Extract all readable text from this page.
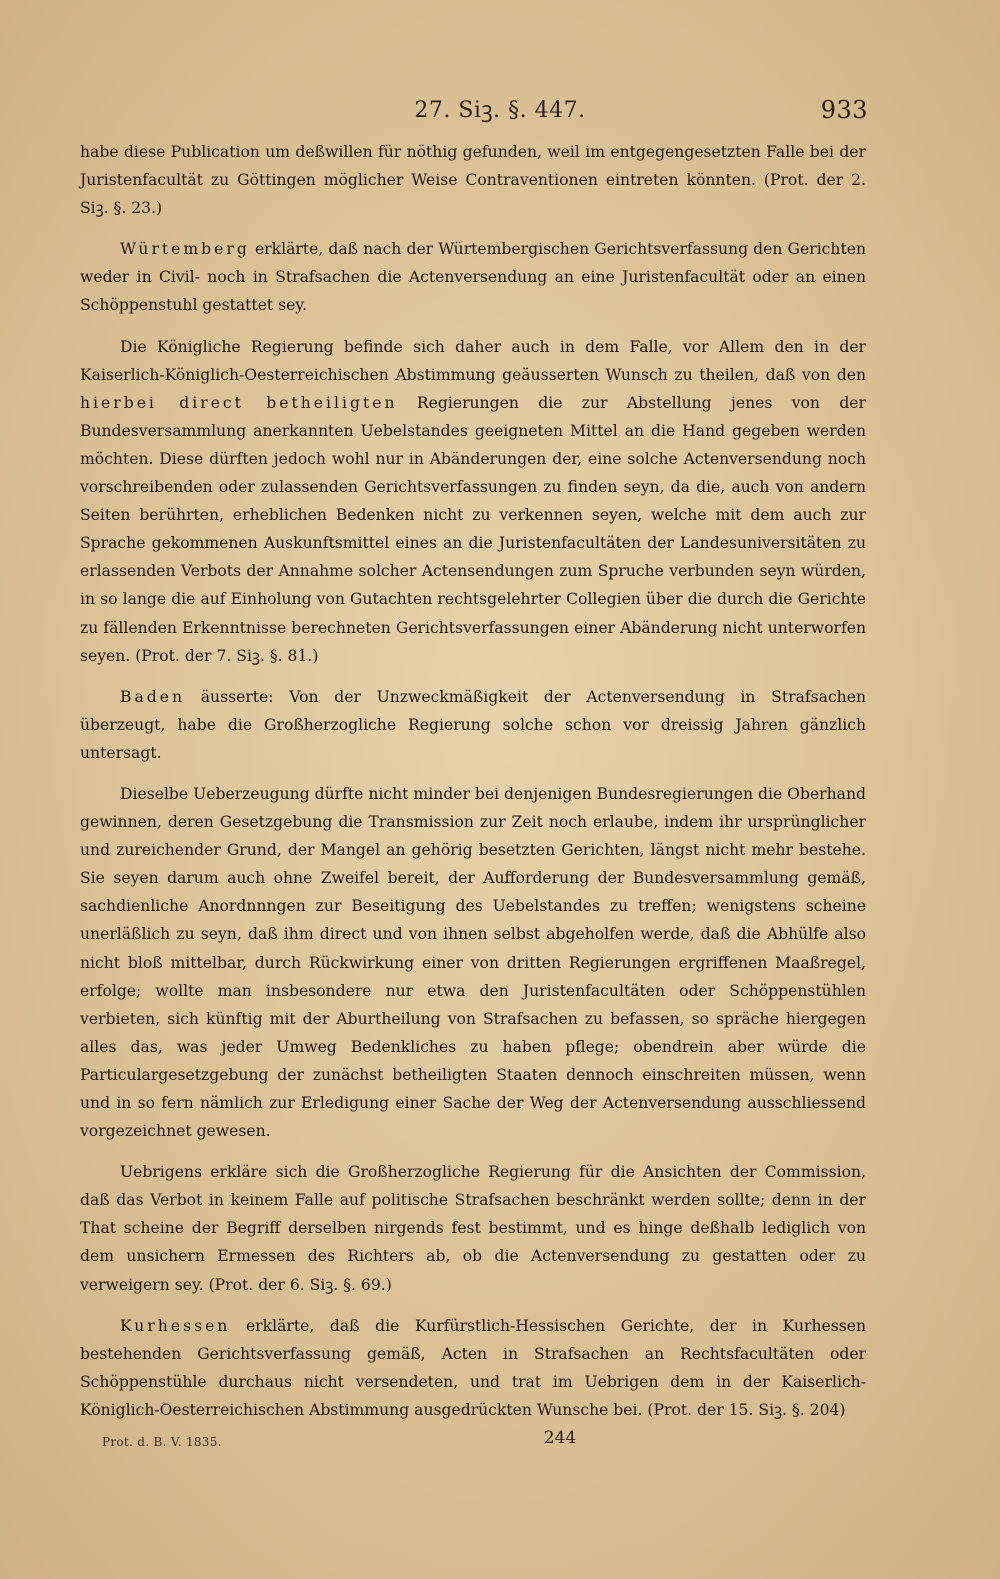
27. Siꝫ. §. 447.	933

habe diese Publication um deßwillen für nöthig gefunden, weil im entgegengesetzten Falle bei der Juristenfacultät zu Göttingen möglicher Weise Contraventionen eintreten könnten. (Prot. der 2. Siꝫ. §. 23.)

Würtemberg erklärte, daß nach der Würtembergischen Gerichtsverfassung den Gerichten weder in Civil- noch in Strafsachen die Actenversendung an eine Juristenfacultät oder an einen Schöppenstuhl gestattet sey.

Die Königliche Regierung befinde sich daher auch in dem Falle, vor Allem den in der Kaiserlich-Königlich-Oesterreichischen Abstimmung geäusserten Wunsch zu theilen, daß von den hierbei direct betheiligten Regierungen die zur Abstellung jenes von der Bundesversammlung anerkannten Uebelstandes geeigneten Mittel an die Hand gegeben werden möchten. Diese dürften jedoch wohl nur in Abänderungen der, eine solche Actenversendung noch vorschreibenden oder zulassenden Gerichtsverfassungen zu finden seyn, da die, auch von andern Seiten berührten, erheblichen Bedenken nicht zu verkennen seyen, welche mit dem auch zur Sprache gekommenen Auskunftsmittel eines an die Juristenfacultäten der Landesuniversitäten zu erlassenden Verbots der Annahme solcher Actensendungen zum Spruche verbunden seyn würden, in so lange die auf Einholung von Gutachten rechtsgelehrter Collegien über die durch die Gerichte zu fällenden Erkenntnisse berechneten Gerichtsverfassungen einer Abänderung nicht unterworfen seyen. (Prot. der 7. Siꝫ. §. 81.)

Baden äusserte: Von der Unzweckmäßigkeit der Actenversendung in Strafsachen überzeugt, habe die Großherzogliche Regierung solche schon vor dreissig Jahren gänzlich untersagt.

Dieselbe Ueberzeugung dürfte nicht minder bei denjenigen Bundesregierungen die Oberhand gewinnen, deren Gesetzgebung die Transmission zur Zeit noch erlaube, indem ihr ursprünglicher und zureichender Grund, der Mangel an gehörig besetzten Gerichten, längst nicht mehr bestehe. Sie seyen darum auch ohne Zweifel bereit, der Aufforderung der Bundesversammlung gemäß, sachdienliche Anordnnngen zur Beseitigung des Uebelstandes zu treffen; wenigstens scheine unerläßlich zu seyn, daß ihm direct und von ihnen selbst abgeholfen werde, daß die Abhülfe also nicht bloß mittelbar, durch Rückwirkung einer von dritten Regierungen ergriffenen Maaßregel, erfolge; wollte man insbesondere nur etwa den Juristenfacultäten oder Schöppenstühlen verbieten, sich künftig mit der Aburtheilung von Strafsachen zu befassen, so spräche hiergegen alles das, was jeder Umweg Bedenkliches zu haben pflege; obendrein aber würde die Particulargesetzgebung der zunächst betheiligten Staaten dennoch einschreiten müssen, wenn und in so fern nämlich zur Erledigung einer Sache der Weg der Actenversendung ausschliessend vorgezeichnet gewesen.

Uebrigens erkläre sich die Großherzogliche Regierung für die Ansichten der Commission, daß das Verbot in keinem Falle auf politische Strafsachen beschränkt werden sollte; denn in der That scheine der Begriff derselben nirgends fest bestimmt, und es hinge deßhalb lediglich von dem unsichern Ermessen des Richters ab, ob die Actenversendung zu gestatten oder zu verweigern sey. (Prot. der 6. Siꝫ. §. 69.)

Kurhessen erklärte, daß die Kurfürstlich-Hessischen Gerichte, der in Kurhessen bestehenden Gerichtsverfassung gemäß, Acten in Strafsachen an Rechtsfacultäten oder Schöppenstühle durchaus nicht versendeten, und trat im Uebrigen dem in der Kaiserlich-Königlich-Oesterreichischen Abstimmung ausgedrückten Wunsche bei. (Prot. der 15. Siꝫ. §. 204)

Prot. d. B. V. 1835.	244
